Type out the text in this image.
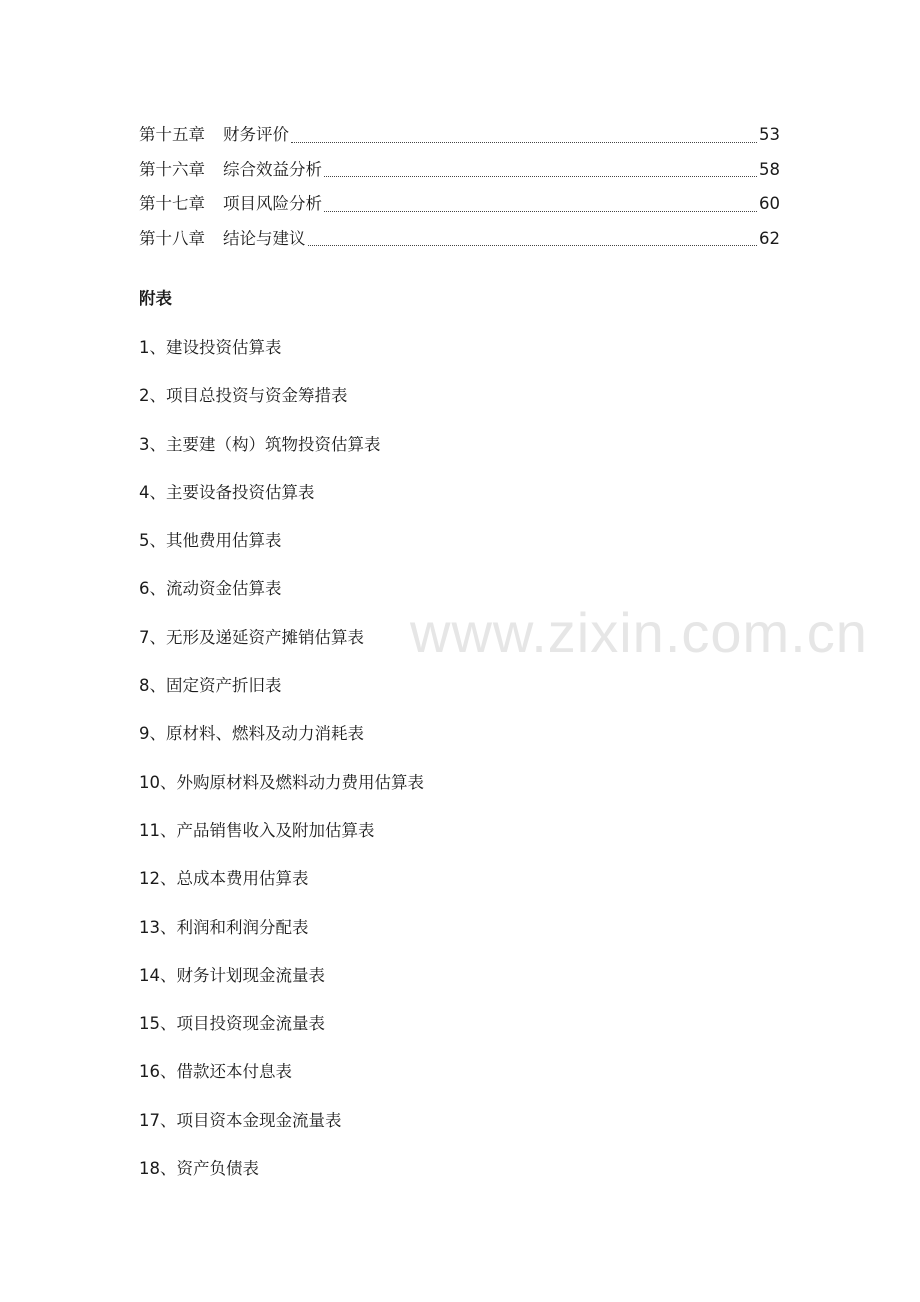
第十五章 财务评价	53
第十六章 综合效益分析	58
第十七章 项目风险分析	60
第十八章 结论与建议	62
附表
1、建设投资估算表
2、项目总投资与资金筹措表
3、主要建（构）筑物投资估算表
4、主要设备投资估算表
5、其他费用估算表
6、流动资金估算表
7、无形及递延资产摊销估算表
8、固定资产折旧表
9、原材料、燃料及动力消耗表
10、外购原材料及燃料动力费用估算表
11、产品销售收入及附加估算表
12、总成本费用估算表
13、利润和利润分配表
14、财务计划现金流量表
15、项目投资现金流量表
16、借款还本付息表
17、项目资本金现金流量表
18、资产负债表
www.zixin.com.cn
